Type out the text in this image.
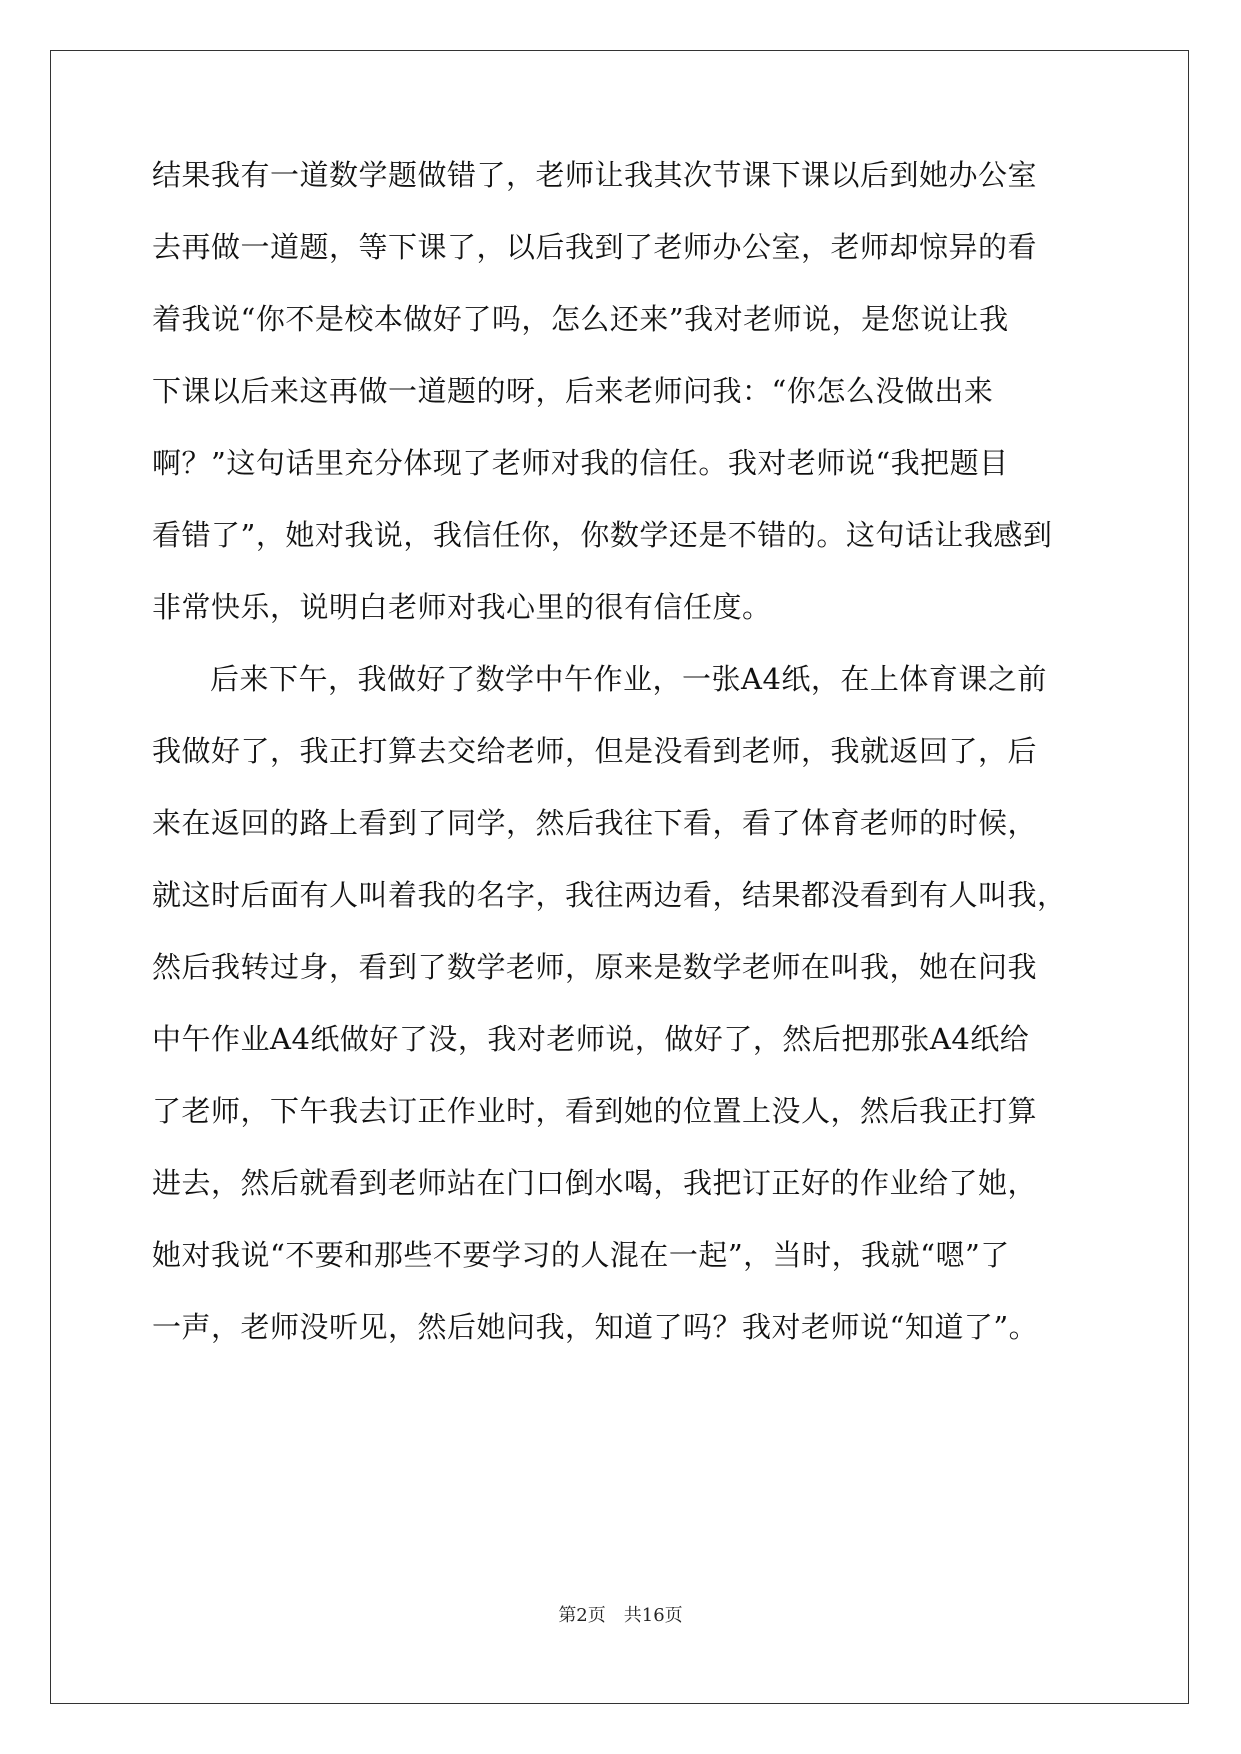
结果我有一道数学题做错了，老师让我其次节课下课以后到她办公室
去再做一道题，等下课了，以后我到了老师办公室，老师却惊异的看
着我说“你不是校本做好了吗，怎么还来”我对老师说，是您说让我
下课以后来这再做一道题的呀，后来老师问我：“你怎么没做出来
啊？”这句话里充分体现了老师对我的信任。我对老师说“我把题目
看错了”，她对我说，我信任你，你数学还是不错的。这句话让我感到
非常快乐，说明白老师对我心里的很有信任度。
后来下午，我做好了数学中午作业，一张A4纸，在上体育课之前
我做好了，我正打算去交给老师，但是没看到老师，我就返回了，后
来在返回的路上看到了同学，然后我往下看，看了体育老师的时候，
就这时后面有人叫着我的名字，我往两边看，结果都没看到有人叫我，
然后我转过身，看到了数学老师，原来是数学老师在叫我，她在问我
中午作业A4纸做好了没，我对老师说，做好了，然后把那张A4纸给
了老师，下午我去订正作业时，看到她的位置上没人，然后我正打算
进去，然后就看到老师站在门口倒水喝，我把订正好的作业给了她，
她对我说“不要和那些不要学习的人混在一起”，当时，我就“嗯”了
一声，老师没听见，然后她问我，知道了吗？我对老师说“知道了”。
第2页　共16页
